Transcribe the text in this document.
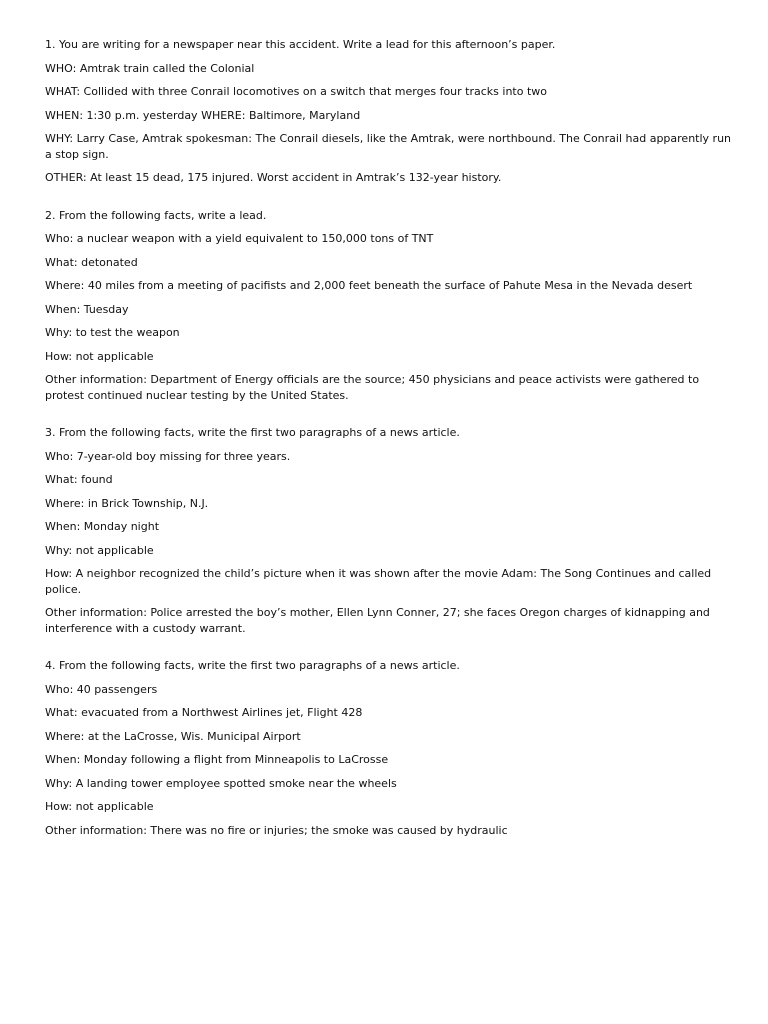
1. You are writing for a newspaper near this accident. Write a lead for this afternoon’s paper.

WHO: Amtrak train called the Colonial

WHAT: Collided with three Conrail locomotives on a switch that merges four tracks into two

WHEN: 1:30 p.m. yesterday WHERE: Baltimore, Maryland

WHY: Larry Case, Amtrak spokesman: The Conrail diesels, like the Amtrak, were northbound. The Conrail had apparently run a stop sign.

OTHER: At least 15 dead, 175 injured. Worst accident in Amtrak’s 132-year history.

2. From the following facts, write a lead.

Who: a nuclear weapon with a yield equivalent to 150,000 tons of TNT

What: detonated

Where: 40 miles from a meeting of pacifists and 2,000 feet beneath the surface of Pahute Mesa in the Nevada desert

When: Tuesday

Why: to test the weapon

How: not applicable

Other information: Department of Energy officials are the source; 450 physicians and peace activists were gathered to protest continued nuclear testing by the United States.

3. From the following facts, write the first two paragraphs of a news article.

Who: 7-year-old boy missing for three years.

What: found

Where: in Brick Township, N.J.

When: Monday night

Why: not applicable

How: A neighbor recognized the child’s picture when it was shown after the movie Adam: The Song Continues and called police.

Other information: Police arrested the boy’s mother, Ellen Lynn Conner, 27; she faces Oregon charges of kidnapping and interference with a custody warrant.

4. From the following facts, write the first two paragraphs of a news article.

Who: 40 passengers

What: evacuated from a Northwest Airlines jet, Flight 428

Where: at the LaCrosse, Wis. Municipal Airport

When: Monday following a flight from Minneapolis to LaCrosse

Why: A landing tower employee spotted smoke near the wheels

How: not applicable

Other information: There was no fire or injuries; the smoke was caused by hydraulic
